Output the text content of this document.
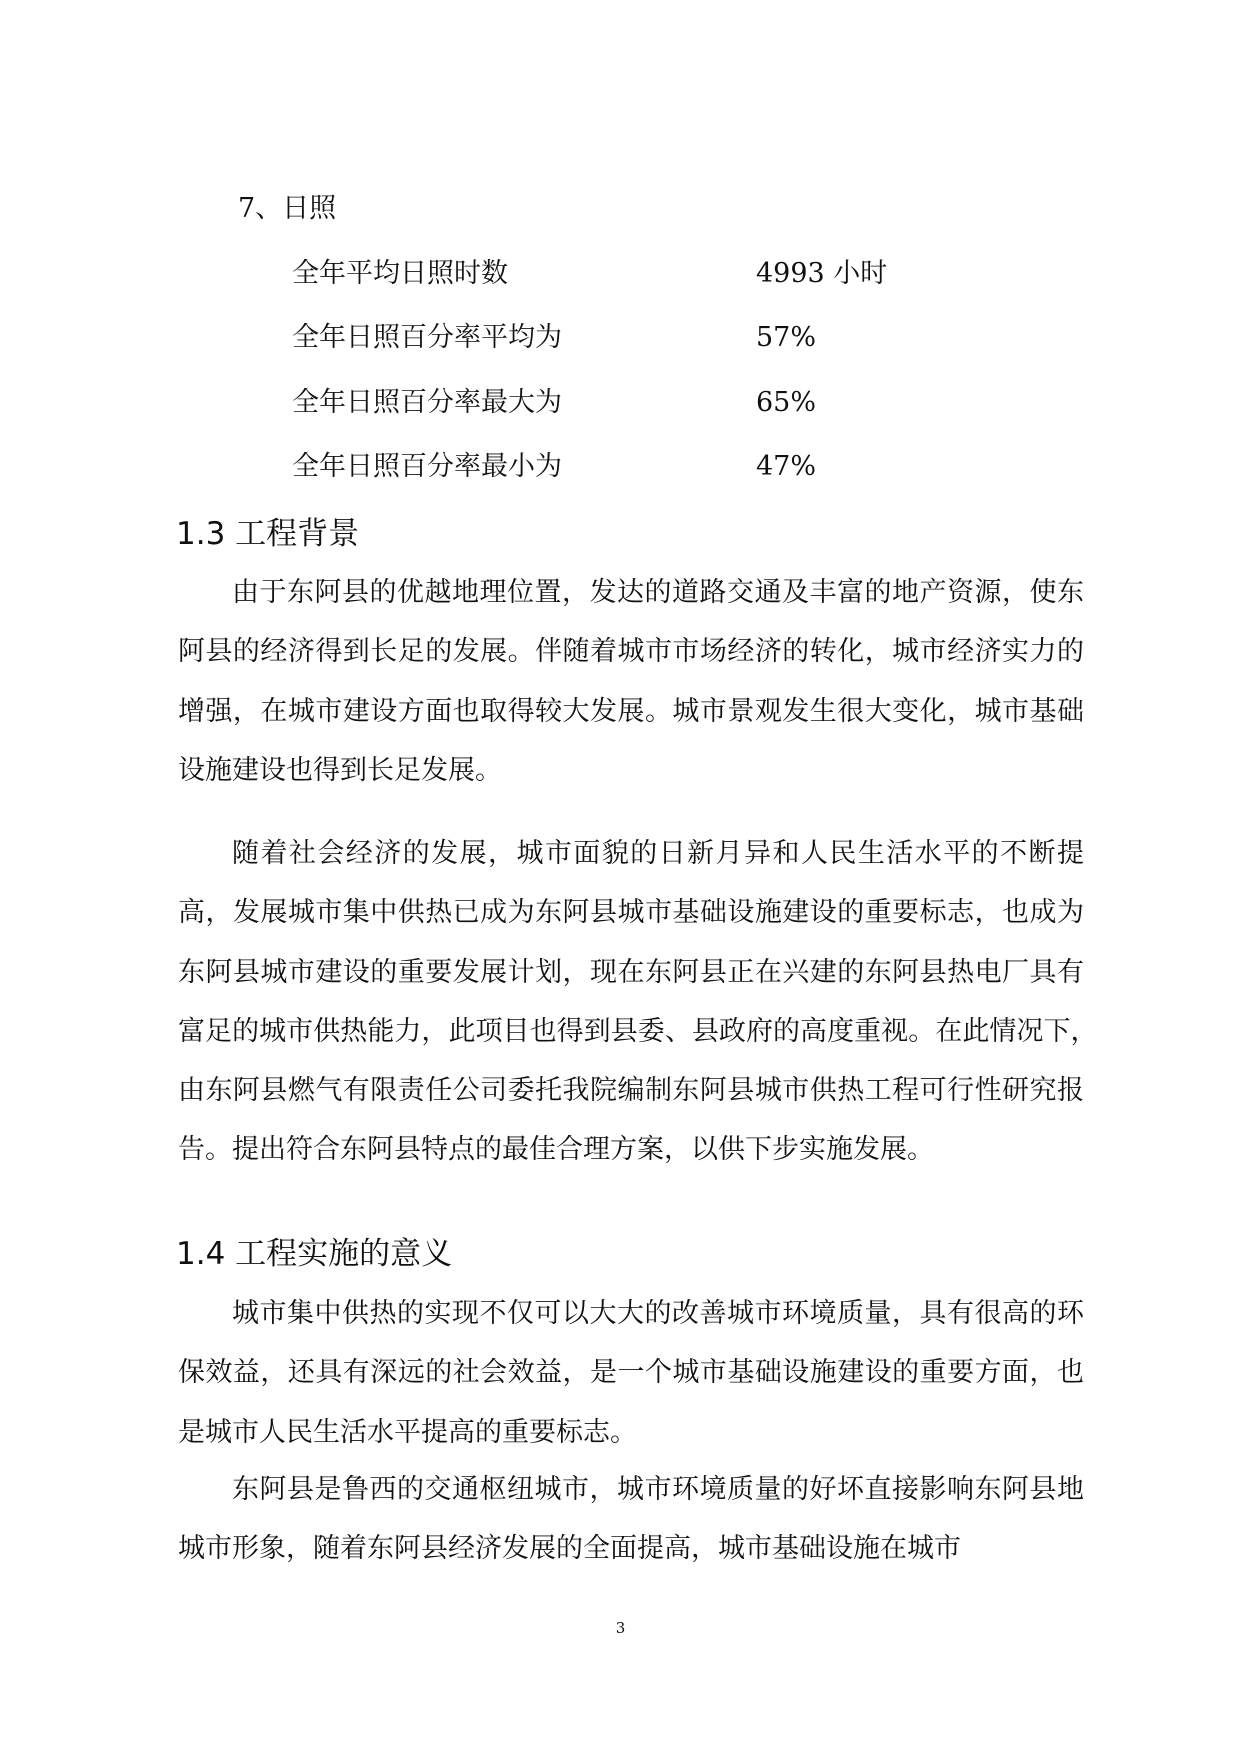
7、日照
全年平均日照时数	4993 小时
全年日照百分率平均为	57%
全年日照百分率最大为	65%
全年日照百分率最小为	47%
1.3 工程背景

由于东阿县的优越地理位置，发达的道路交通及丰富的地产资源，使东阿县的经济得到长足的发展。伴随着城市市场经济的转化，城市经济实力的增强，在城市建设方面也取得较大发展。城市景观发生很大变化，城市基础设施建设也得到长足发展。

随着社会经济的发展，城市面貌的日新月异和人民生活水平的不断提高，发展城市集中供热已成为东阿县城市基础设施建设的重要标志，也成为东阿县城市建设的重要发展计划，现在东阿县正在兴建的东阿县热电厂具有富足的城市供热能力，此项目也得到县委、县政府的高度重视。在此情况下，　由东阿县燃气有限责任公司委托我院编制东阿县城市供热工程可行性研究报告。提出符合东阿县特点的最佳合理方案，以供下步实施发展。

1.4 工程实施的意义

城市集中供热的实现不仅可以大大的改善城市环境质量，具有很高的环保效益，还具有深远的社会效益，是一个城市基础设施建设的重要方面，也是城市人民生活水平提高的重要标志。

东阿县是鲁西的交通枢纽城市，城市环境质量的好坏直接影响东阿县地城市形象，随着东阿县经济发展的全面提高，城市基础设施在城市

3
